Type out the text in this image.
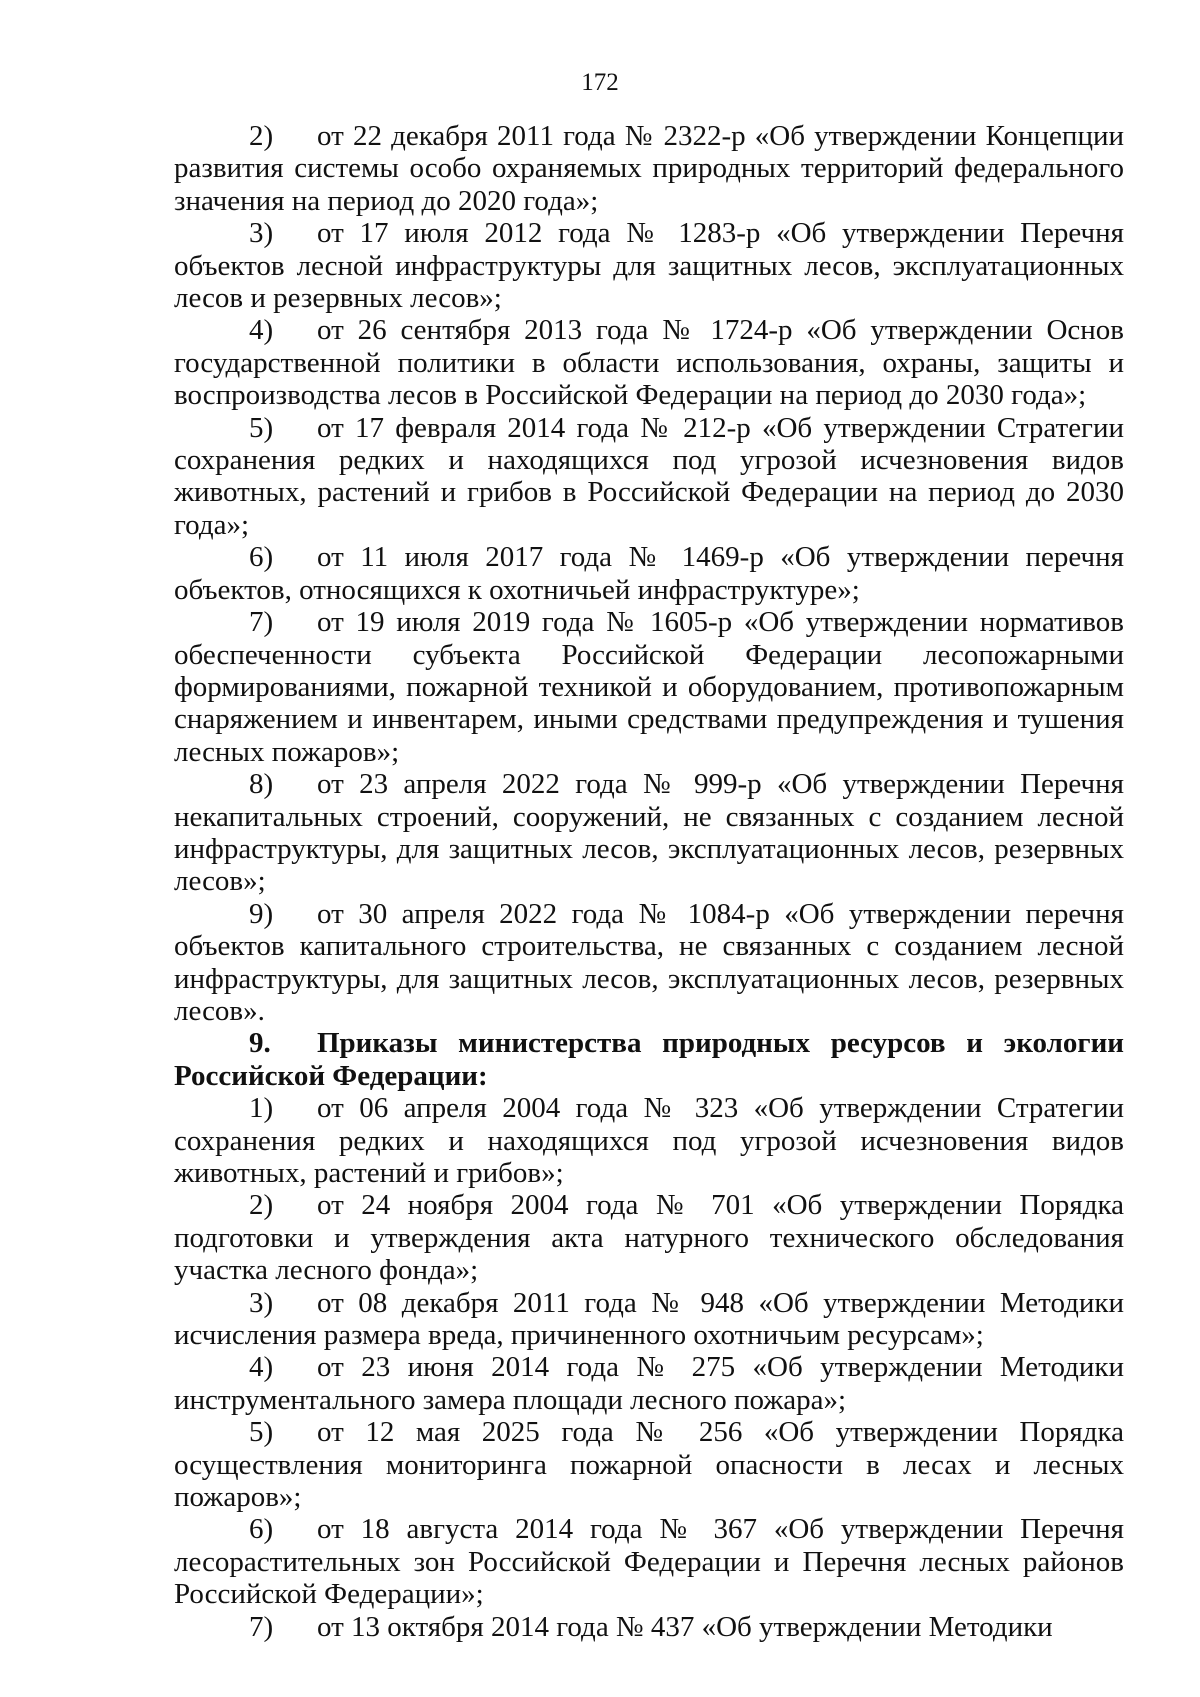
172

2) от 22 декабря 2011 года № 2322-р «Об утверждении Концепции развития системы особо охраняемых природных территорий федерального значения на период до 2020 года»;

3) от 17 июля 2012 года № 1283-р «Об утверждении Перечня объектов лесной инфраструктуры для защитных лесов, эксплуатационных лесов и резервных лесов»;

4) от 26 сентября 2013 года № 1724-р «Об утверждении Основ государственной политики в области использования, охраны, защиты и воспроизводства лесов в Российской Федерации на период до 2030 года»;

5) от 17 февраля 2014 года № 212-р «Об утверждении Стратегии сохранения редких и находящихся под угрозой исчезновения видов животных, растений и грибов в Российской Федерации на период до 2030 года»;

6) от 11 июля 2017 года № 1469-р «Об утверждении перечня объектов, относящихся к охотничьей инфраструктуре»;

7) от 19 июля 2019 года № 1605-р «Об утверждении нормативов обеспеченности субъекта Российской Федерации лесопожарными формированиями, пожарной техникой и оборудованием, противопожарным снаряжением и инвентарем, иными средствами предупреждения и тушения лесных пожаров»;

8) от 23 апреля 2022 года № 999-р «Об утверждении Перечня некапитальных строений, сооружений, не связанных с созданием лесной инфраструктуры, для защитных лесов, эксплуатационных лесов, резервных лесов»;

9) от 30 апреля 2022 года № 1084-р «Об утверждении перечня объектов капитального строительства, не связанных с созданием лесной инфраструктуры, для защитных лесов, эксплуатационных лесов, резервных лесов».

9. Приказы министерства природных ресурсов и экологии Российской Федерации:

1) от 06 апреля 2004 года № 323 «Об утверждении Стратегии сохранения редких и находящихся под угрозой исчезновения видов животных, растений и грибов»;

2) от 24 ноября 2004 года № 701 «Об утверждении Порядка подготовки и утверждения акта натурного технического обследования участка лесного фонда»;

3) от 08 декабря 2011 года № 948 «Об утверждении Методики исчисления размера вреда, причиненного охотничьим ресурсам»;

4) от 23 июня 2014 года № 275 «Об утверждении Методики инструментального замера площади лесного пожара»;

5) от 12 мая 2025 года № 256 «Об утверждении Порядка осуществления мониторинга пожарной опасности в лесах и лесных пожаров»;

6) от 18 августа 2014 года № 367 «Об утверждении Перечня лесорастительных зон Российской Федерации и Перечня лесных районов Российской Федерации»;

7) от 13 октября 2014 года № 437 «Об утверждении Методики
